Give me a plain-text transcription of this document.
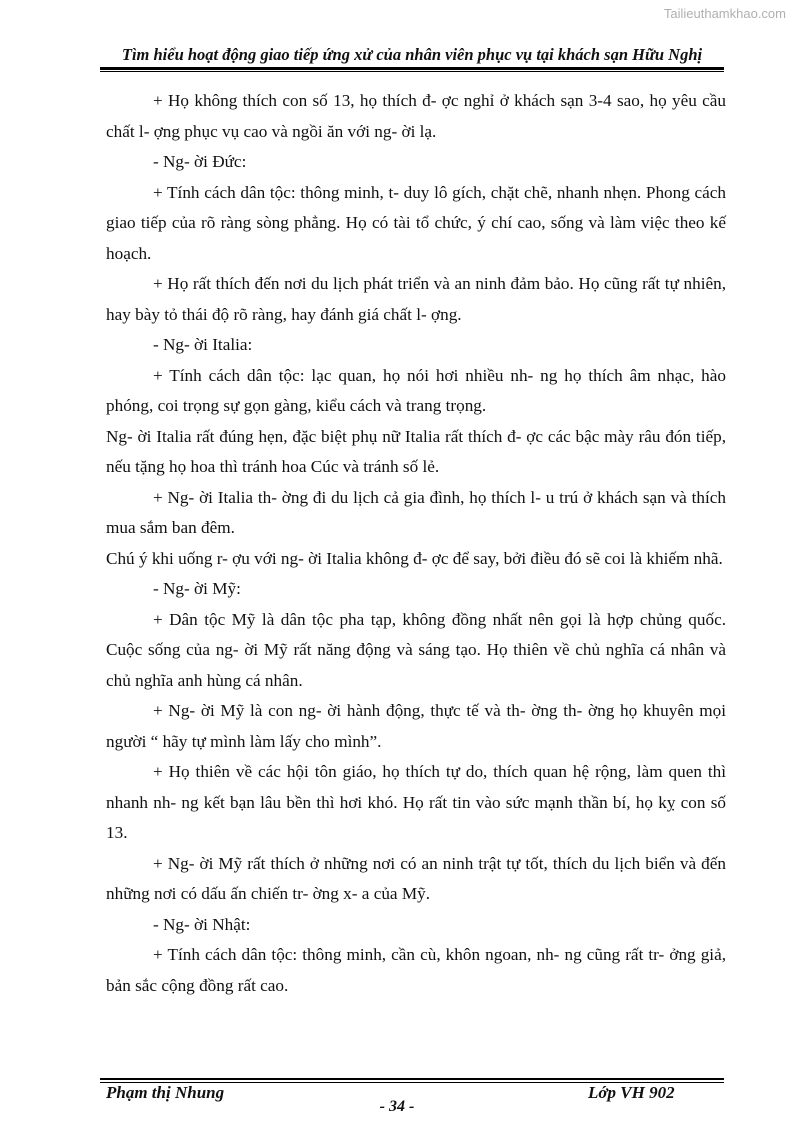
Tailieuthamkhao.com
Tìm hiểu hoạt động giao tiếp ứng xử của nhân viên phục vụ tại khách sạn Hữu Nghị

+ Họ không thích con số 13, họ thích đ- ợc nghỉ ở khách sạn 3-4 sao, họ yêu cầu chất l- ợng phục vụ cao và ngồi ăn với ng- ời lạ.

- Ng- ời Đức:

+ Tính cách dân tộc: thông minh, t- duy lô gích, chặt chẽ, nhanh nhẹn. Phong cách giao tiếp của rõ ràng sòng phẳng. Họ có tài tổ chức, ý chí cao, sống và làm việc theo kế hoạch.

+ Họ rất thích đến nơi du lịch phát triển và an ninh đảm bảo. Họ cũng rất tự nhiên, hay bày tỏ thái độ rõ ràng, hay đánh giá chất l- ợng.

- Ng- ời Italia:

+ Tính cách dân tộc: lạc quan, họ nói hơi nhiều nh- ng họ thích âm nhạc, hào phóng, coi trọng sự gọn gàng, kiểu cách và trang trọng.

Ng- ời Italia rất đúng hẹn, đặc biệt phụ nữ Italia rất thích đ- ợc các bậc mày râu đón tiếp, nếu tặng họ hoa thì tránh hoa Cúc và tránh số lẻ.

+ Ng- ời Italia th- ờng đi du lịch cả gia đình, họ thích l- u trú ở khách sạn và thích mua sắm ban đêm.

Chú ý khi uống r- ợu với ng- ời Italia không đ- ợc để say, bởi điều đó sẽ coi là khiếm nhã.

- Ng- ời Mỹ:

+ Dân tộc Mỹ là dân tộc pha tạp, không đồng nhất nên gọi là hợp chủng quốc. Cuộc sống của ng- ời Mỹ rất năng động và sáng tạo. Họ thiên về chủ nghĩa cá nhân và chủ nghĩa anh hùng cá nhân.

+ Ng- ời Mỹ là con ng- ời hành động, thực tế và th- ờng th- ờng họ khuyên mọi người “ hãy tự mình làm lấy cho mình”.

+ Họ thiên về các hội tôn giáo, họ thích tự do, thích quan hệ rộng, làm quen thì nhanh nh- ng kết bạn lâu bền thì hơi khó. Họ rất tin vào sức mạnh thần bí, họ kỵ con số 13.

+ Ng- ời Mỹ rất thích ở những nơi có an ninh trật tự tốt, thích du lịch biển và đến những nơi có dấu ấn chiến tr- ờng x- a của Mỹ.

- Ng- ời Nhật:

+ Tính cách dân tộc: thông minh, cần cù, khôn ngoan, nh- ng cũng rất tr- ởng giả, bản sắc cộng đồng rất cao.

Phạm thị Nhung	Lớp VH 902
- 34 -
